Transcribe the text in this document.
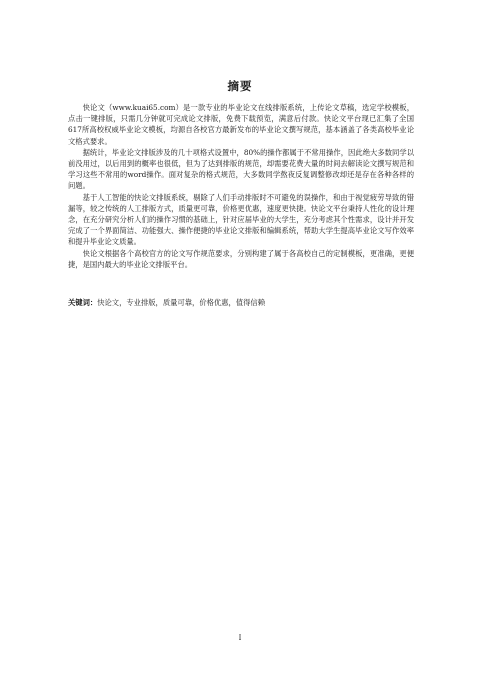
摘要

快论文（www.kuai65.com）是一款专业的毕业论文在线排版系统，上传论文草稿，选定学校模板，点击一键排版，只需几分钟就可完成论文排版，免费下载预览，满意后付款。快论文平台现已汇集了全国617所高校权威毕业论文模板，均源自各校官方最新发布的毕业论文撰写规范，基本涵盖了各类高校毕业论文格式要求。

据统计，毕业论文排版涉及的几十项格式设置中，80%的操作都属于不常用操作，因此绝大多数同学以前没用过，以后用到的概率也很低，但为了达到排版的规范，却需要花费大量的时间去解读论文撰写规范和学习这些不常用的word操作。面对复杂的格式规范，大多数同学熬夜反复调整修改却还是存在各种各样的问题。

基于人工智能的快论文排版系统，剔除了人们手动排版时不可避免的误操作，和由于视觉疲劳导致的错漏等，较之传统的人工排版方式，质量更可靠，价格更优惠，速度更快捷。快论文平台秉持人性化的设计理念，在充分研究分析人们的操作习惯的基础上，针对应届毕业的大学生，充分考虑其个性需求，设计并开发完成了一个界面简洁、功能强大、操作便捷的毕业论文排版和编辑系统，帮助大学生提高毕业论文写作效率和提升毕业论文质量。

快论文根据各个高校官方的论文写作规范要求，分别构建了属于各高校自己的定制模板，更准确，更便捷，是国内最大的毕业论文排版平台。

关键词：快论文，专业排版，质量可靠，价格优惠，值得信赖
I
